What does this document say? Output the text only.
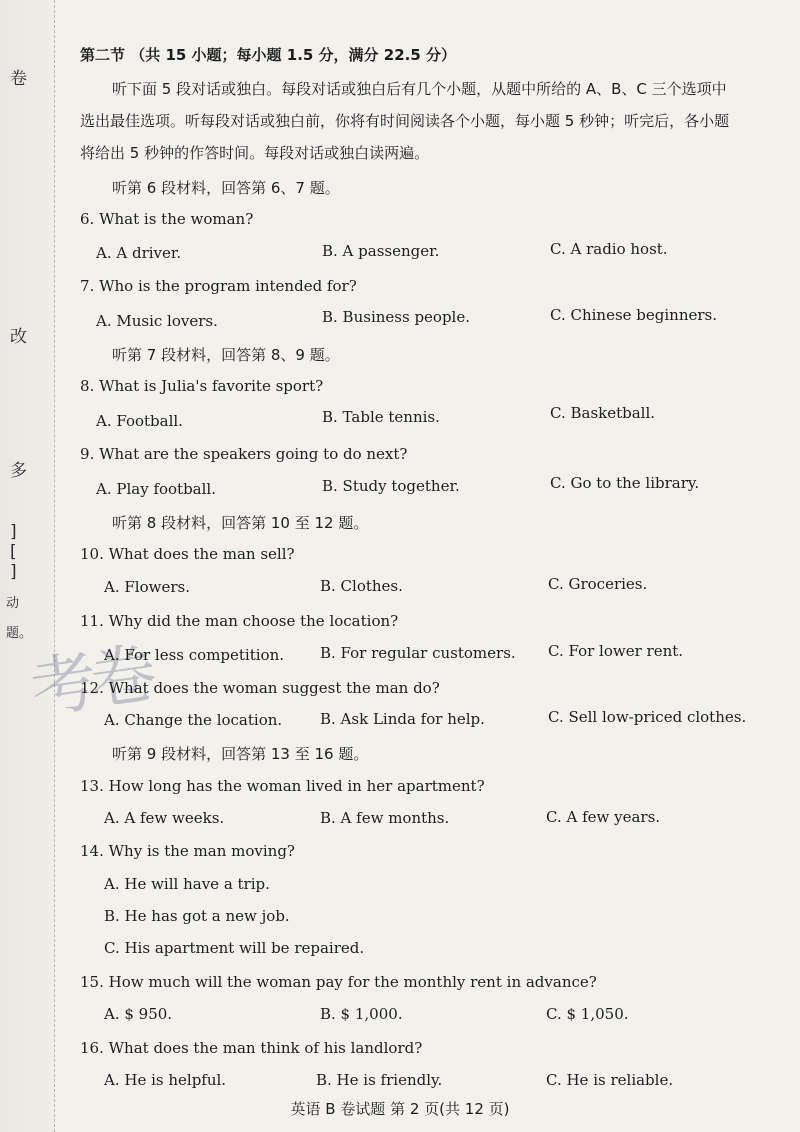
卷
改
多
]
[
]
动
题。
考卷
第二节 （共 15 小题；每小题 1.5 分，满分 22.5 分）
听下面 5 段对话或独白。每段对话或独白后有几个小题，从题中所给的 A、B、C 三个选项中
选出最佳选项。听每段对话或独白前，你将有时间阅读各个小题，每小题 5 秒钟；听完后，各小题
将给出 5 秒钟的作答时间。每段对话或独白读两遍。
听第 6 段材料，回答第 6、7 题。
6. What is the woman?
A. A driver.	B. A passenger.	C. A radio host.
7. Who is the program intended for?
A. Music lovers.	B. Business people.	C. Chinese beginners.
听第 7 段材料，回答第 8、9 题。
8. What is Julia's favorite sport?
A. Football.	B. Table tennis.	C. Basketball.
9. What are the speakers going to do next?
A. Play football.	B. Study together.	C. Go to the library.
听第 8 段材料，回答第 10 至 12 题。
10. What does the man sell?
A. Flowers.	B. Clothes.	C. Groceries.
11. Why did the man choose the location?
A. For less competition. B. For regular customers. C. For lower rent.
12. What does the woman suggest the man do?
A. Change the location.	B. Ask Linda for help.	C. Sell low-priced clothes.
听第 9 段材料，回答第 13 至 16 题。
13. How long has the woman lived in her apartment?
A. A few weeks.	B. A few months.	C. A few years.
14. Why is the man moving?
A. He will have a trip.
B. He has got a new job.
C. His apartment will be repaired.
15. How much will the woman pay for the monthly rent in advance?
A. $ 950.	B. $ 1,000.	C. $ 1,050.
16. What does the man think of his landlord?
A. He is helpful.	B. He is friendly.	C. He is reliable.
英语 B 卷试题 第 2 页(共 12 页)
